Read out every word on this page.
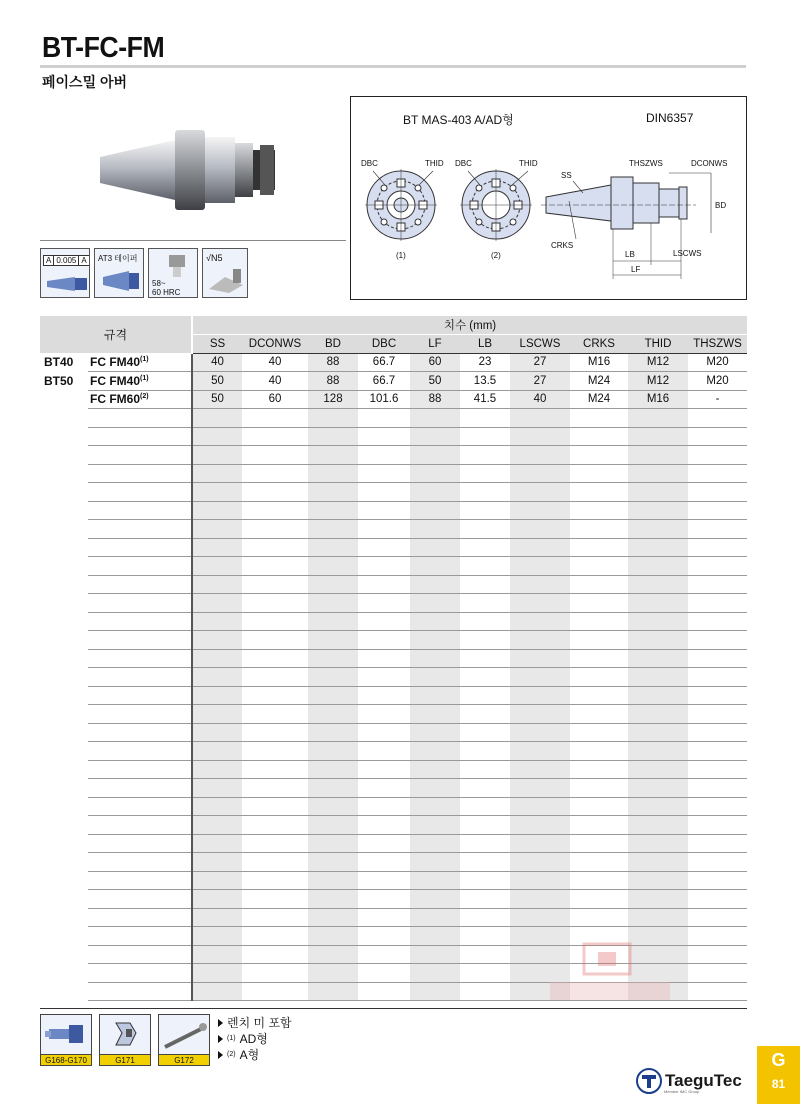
BT-FC-FM
페이스밀 아버
A 0.005 A AT3 테이퍼
58~
60 HRC
√N5
BT MAS-403 A/AD형	DIN6357
DBC	THID DBC	THID
(1)	(2)
SS
THSZWS	DCONWS
BD
CRKS
LB	LSCWS
LF
규격		치수 (mm)									
		SS	DCONWS	BD	DBC	LF	LB	LSCWS	CRKS	THID	THSZWS
BT40	FC FM40$^{(1)}$	40	40	88	66.7	60	23	27	M16	M12	M20
BT50	FC FM40$^{(1)}$	50	40	88	66.7	50	13.5	27	M24	M12	M20
	FC FM60$^{(2)}$	50	60	128	101.6	88	41.5	40	M24	M16	-

G168-G170	G171	G172
렌치 미 포함
(1) AD형
(2) A형
TaeguTec
Member IMC Group
G
81
